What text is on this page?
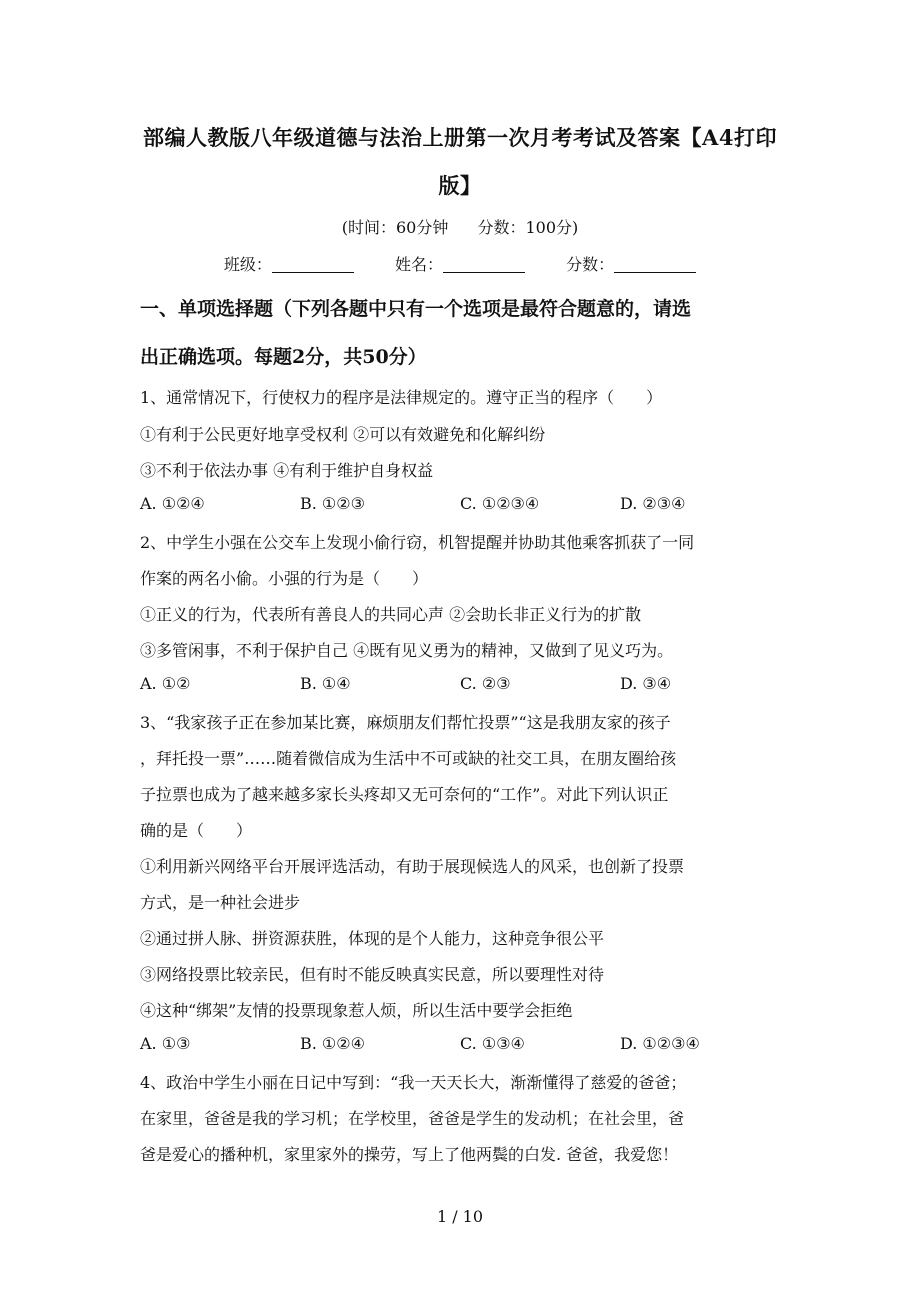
部编人教版八年级道德与法治上册第一次月考考试及答案【A4打印
版】
(时间：60分钟 分数：100分)
班级：	姓名：	分数：
一、单项选择题（下列各题中只有一个选项是最符合题意的，请选
出正确选项。每题2分，共50分）
1、通常情况下，行使权力的程序是法律规定的。遵守正当的程序（　　）
①有利于公民更好地享受权利 ②可以有效避免和化解纠纷
③不利于依法办事 ④有利于维护自身权益
A. ①②④	B. ①②③	C. ①②③④	D. ②③④
2、中学生小强在公交车上发现小偷行窃，机智提醒并协助其他乘客抓获了一同
作案的两名小偷。小强的行为是（　　）
①正义的行为，代表所有善良人的共同心声 ②会助长非正义行为的扩散
③多管闲事，不利于保护自己 ④既有见义勇为的精神，又做到了见义巧为。
A. ①②	B. ①④	C. ②③	D. ③④
3、“我家孩子正在参加某比赛，麻烦朋友们帮忙投票”“这是我朋友家的孩子
，拜托投一票”……随着微信成为生活中不可或缺的社交工具，在朋友圈给孩
子拉票也成为了越来越多家长头疼却又无可奈何的“工作”。对此下列认识正
确的是（　　）
①利用新兴网络平台开展评选活动，有助于展现候选人的风采，也创新了投票
方式，是一种社会进步
②通过拼人脉、拼资源获胜，体现的是个人能力，这种竞争很公平
③网络投票比较亲民，但有时不能反映真实民意，所以要理性对待
④这种“绑架”友情的投票现象惹人烦，所以生活中要学会拒绝
A. ①③	B. ①②④	C. ①③④	D. ①②③④
4、政治中学生小丽在日记中写到：“我一天天长大，渐渐懂得了慈爱的爸爸；
在家里，爸爸是我的学习机；在学校里，爸爸是学生的发动机；在社会里，爸
爸是爱心的播种机，家里家外的操劳，写上了他两鬓的白发. 爸爸，我爱您！
1 / 10
